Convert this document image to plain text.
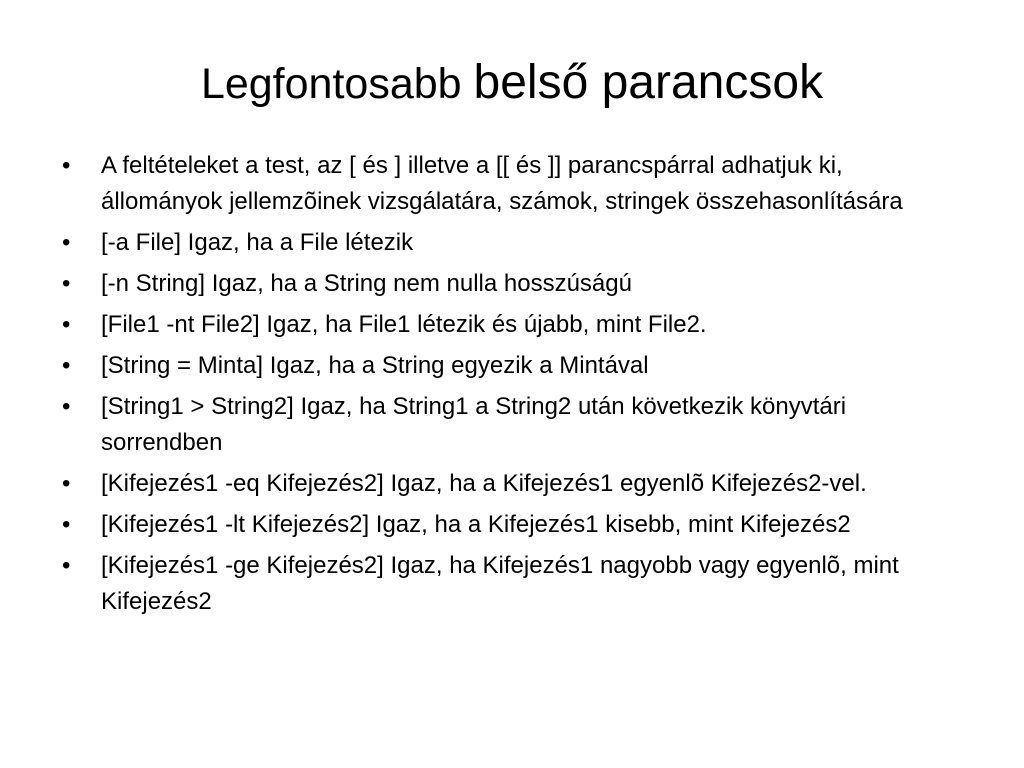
Legfontosabb belső parancsok
•	A feltételeket a test, az [ és ] illetve a [[ és ]] parancspárral adhatjuk ki, állományok jellemzõinek vizsgálatára, számok, stringek összehasonlítására
•	[-a File] Igaz, ha a File létezik
•	[-n String] Igaz, ha a String nem nulla hosszúságú
•	[File1 -nt File2] Igaz, ha File1 létezik és újabb, mint File2.
•	[String = Minta] Igaz, ha a String egyezik a Mintával
•	[String1 > String2] Igaz, ha String1 a String2 után következik könyvtári sorrendben
•	[Kifejezés1 -eq Kifejezés2] Igaz, ha a Kifejezés1 egyenlõ Kifejezés2-vel.
•	[Kifejezés1 -lt Kifejezés2] Igaz, ha a Kifejezés1 kisebb, mint Kifejezés2
•	[Kifejezés1 -ge Kifejezés2] Igaz, ha Kifejezés1 nagyobb vagy egyenlõ, mint Kifejezés2
